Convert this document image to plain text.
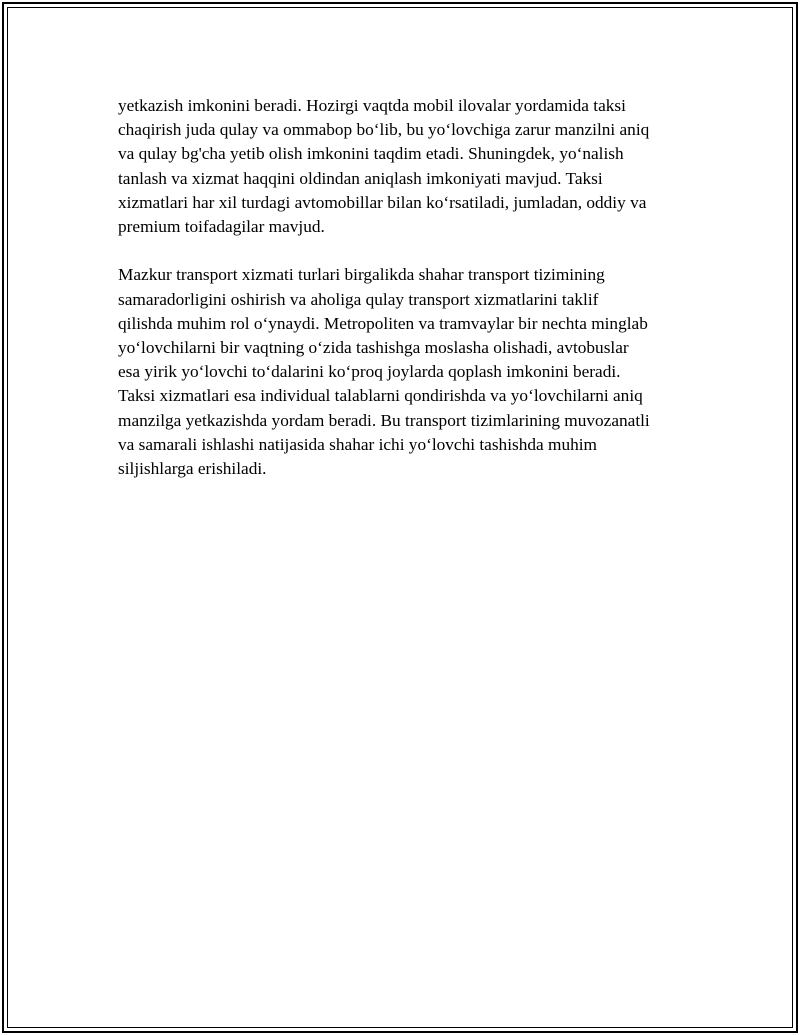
yetkazish imkonini beradi. Hozirgi vaqtda mobil ilovalar yordamida taksi
chaqirish juda qulay va ommabop bo‘lib, bu yo‘lovchiga zarur manzilni aniq
va qulay bg'cha yetib olish imkonini taqdim etadi. Shuningdek, yo‘nalish
tanlash va xizmat haqqini oldindan aniqlash imkoniyati mavjud. Taksi
xizmatlari har xil turdagi avtomobillar bilan ko‘rsatiladi, jumladan, oddiy va
premium toifadagilar mavjud.

Mazkur transport xizmati turlari birgalikda shahar transport tizimining
samaradorligini oshirish va aholiga qulay transport xizmatlarini taklif
qilishda muhim rol o‘ynaydi. Metropoliten va tramvaylar bir nechta minglab
yo‘lovchilarni bir vaqtning o‘zida tashishga moslasha olishadi, avtobuslar
esa yirik yo‘lovchi to‘dalarini ko‘proq joylarda qoplash imkonini beradi.
Taksi xizmatlari esa individual talablarni qondirishda va yo‘lovchilarni aniq
manzilga yetkazishda yordam beradi. Bu transport tizimlarining muvozanatli
va samarali ishlashi natijasida shahar ichi yo‘lovchi tashishda muhim
siljishlarga erishiladi.
